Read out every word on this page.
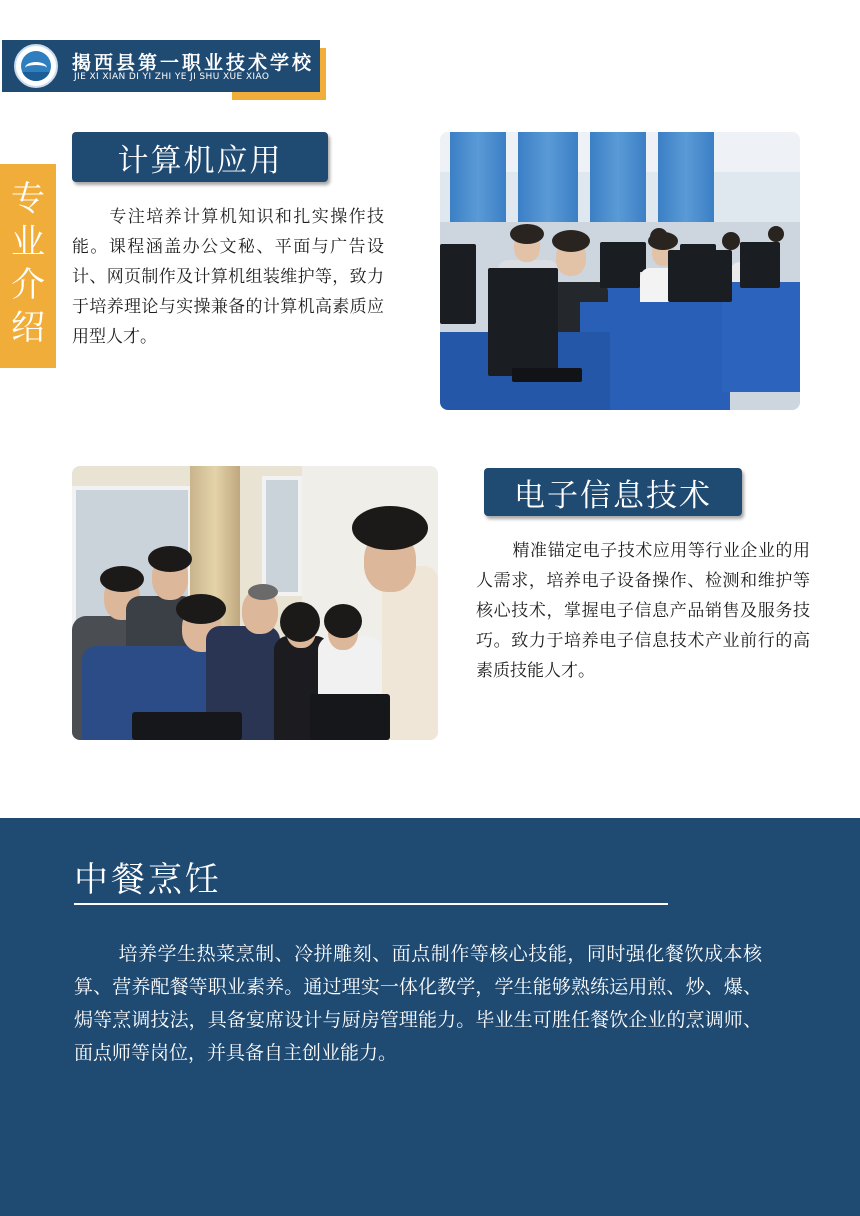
揭西县第一职业技术学校
JIE XI XIAN DI YI ZHI YE JI SHU XUE XIAO
专业介绍
计算机应用
专注培养计算机知识和扎实操作技能。课程涵盖办公文秘、平面与广告设计、网页制作及计算机组装维护等，致力于培养理论与实操兼备的计算机高素质应用型人才。
电子信息技术
精准锚定电子技术应用等行业企业的用人需求，培养电子设备操作、检测和维护等核心技术，掌握电子信息产品销售及服务技巧。致力于培养电子信息技术产业前行的高素质技能人才。
中餐烹饪
培养学生热菜烹制、冷拼雕刻、面点制作等核心技能，同时强化餐饮成本核算、营养配餐等职业素养。通过理实一体化教学，学生能够熟练运用煎、炒、爆、焗等烹调技法，具备宴席设计与厨房管理能力。毕业生可胜任餐饮企业的烹调师、面点师等岗位，并具备自主创业能力。
